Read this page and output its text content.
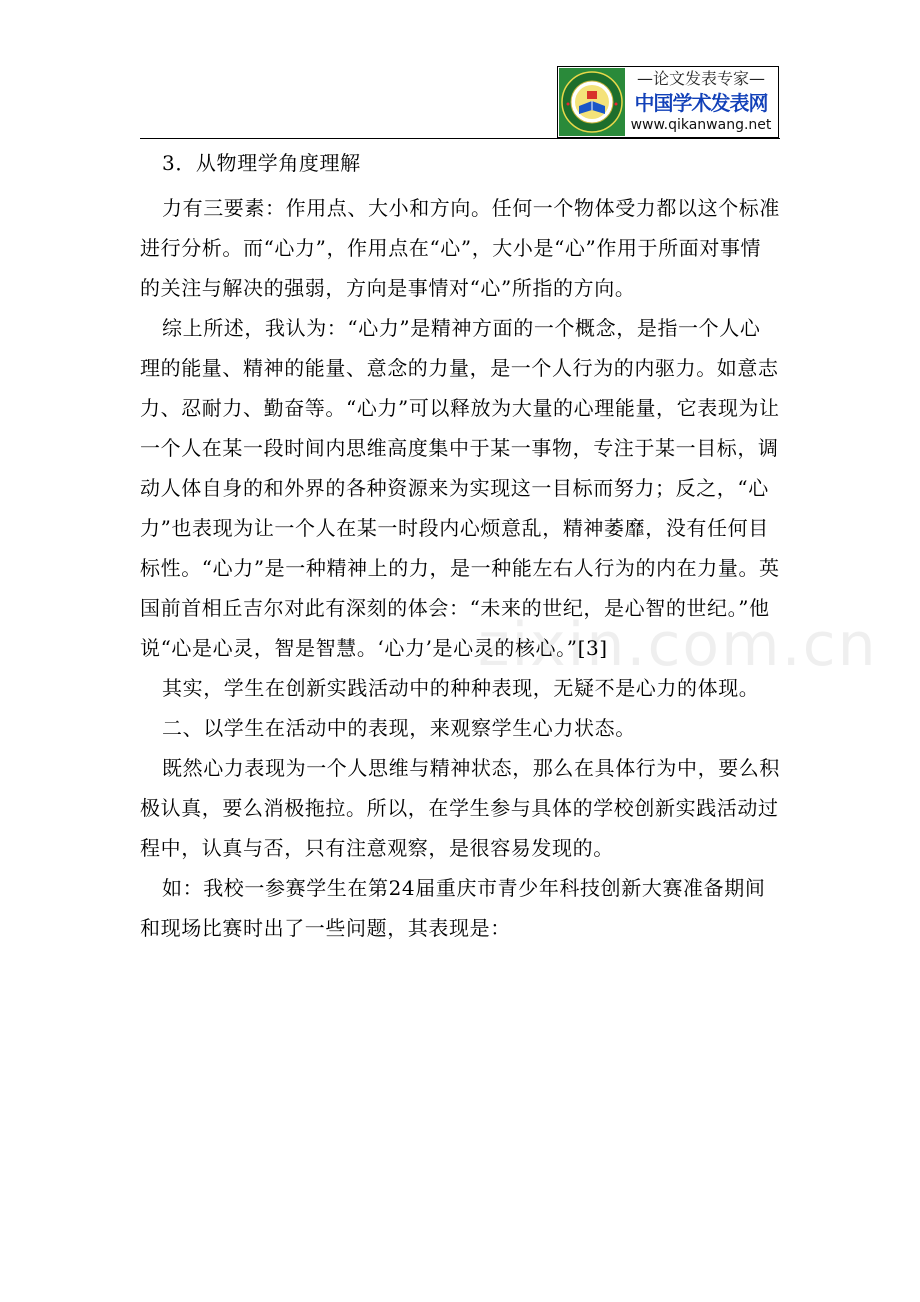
—论文发表专家—
中国学术发表网
www.qikanwang.net
zixin.com.cn

3．从物理学角度理解

力有三要素：作用点、大小和方向。任何一个物体受力都以这个标准进行分析。而“心力”，作用点在“心”，大小是“心”作用于所面对事情的关注与解决的强弱，方向是事情对“心”所指的方向。

综上所述，我认为：“心力”是精神方面的一个概念，是指一个人心理的能量、精神的能量、意念的力量，是一个人行为的内驱力。如意志力、忍耐力、勤奋等。“心力”可以释放为大量的心理能量，它表现为让一个人在某一段时间内思维高度集中于某一事物，专注于某一目标，调动人体自身的和外界的各种资源来为实现这一目标而努力；反之，“心力”也表现为让一个人在某一时段内心烦意乱，精神萎靡，没有任何目标性。“心力”是一种精神上的力，是一种能左右人行为的内在力量。英国前首相丘吉尔对此有深刻的体会：“未来的世纪，是心智的世纪。”他说“心是心灵，智是智慧。‘心力’是心灵的核心。”[3]

其实，学生在创新实践活动中的种种表现，无疑不是心力的体现。

二、以学生在活动中的表现，来观察学生心力状态。

既然心力表现为一个人思维与精神状态，那么在具体行为中，要么积极认真，要么消极拖拉。所以，在学生参与具体的学校创新实践活动过程中，认真与否，只有注意观察，是很容易发现的。

如：我校一参赛学生在第24届重庆市青少年科技创新大赛准备期间和现场比赛时出了一些问题，其表现是：
